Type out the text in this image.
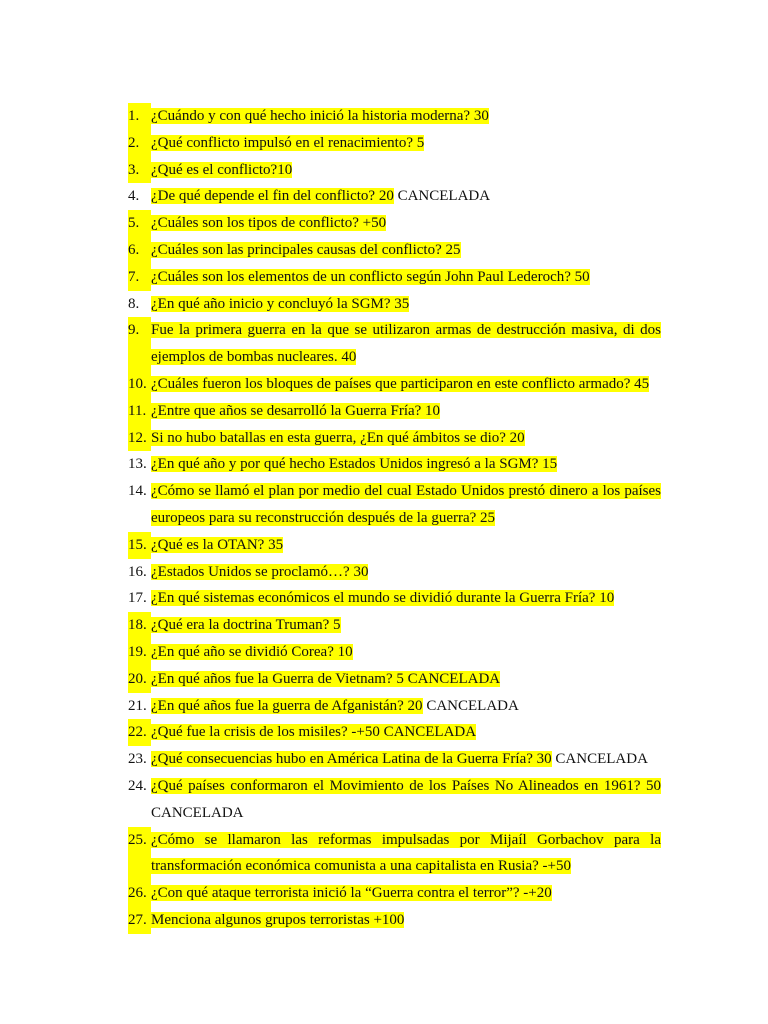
1. ¿Cuándo y con qué hecho inició la historia moderna? 30
2. ¿Qué conflicto impulsó en el renacimiento? 5
3. ¿Qué es el conflicto?10
4. ¿De qué depende el fin del conflicto? 20 CANCELADA
5. ¿Cuáles son los tipos de conflicto? +50
6. ¿Cuáles son las principales causas del conflicto? 25
7. ¿Cuáles son los elementos de un conflicto según John Paul Lederoch? 50
8. ¿En qué año inicio y concluyó la SGM? 35
9. Fue la primera guerra en la que se utilizaron armas de destrucción masiva, di dos ejemplos de bombas nucleares. 40
10. ¿Cuáles fueron los bloques de países que participaron en este conflicto armado? 45
11. ¿Entre que años se desarrolló la Guerra Fría? 10
12. Si no hubo batallas en esta guerra, ¿En qué ámbitos se dio? 20
13. ¿En qué año y por qué hecho Estados Unidos ingresó a la SGM? 15
14. ¿Cómo se llamó el plan por medio del cual Estado Unidos prestó dinero a los países europeos para su reconstrucción después de la guerra? 25
15. ¿Qué es la OTAN? 35
16. ¿Estados Unidos se proclamó…? 30
17. ¿En qué sistemas económicos el mundo se dividió durante la Guerra Fría? 10
18. ¿Qué era la doctrina Truman? 5
19. ¿En qué año se dividió Corea? 10
20. ¿En qué años fue la Guerra de Vietnam? 5 CANCELADA
21. ¿En qué años fue la guerra de Afganistán? 20 CANCELADA
22. ¿Qué fue la crisis de los misiles? -+50 CANCELADA
23. ¿Qué consecuencias hubo en América Latina de la Guerra Fría? 30 CANCELADA
24. ¿Qué países conformaron el Movimiento de los Países No Alineados en 1961? 50 CANCELADA
25. ¿Cómo se llamaron las reformas impulsadas por Mijaíl Gorbachov para la transformación económica comunista a una capitalista en Rusia? -+50
26. ¿Con qué ataque terrorista inició la “Guerra contra el terror”? -+20
27. Menciona algunos grupos terroristas +100
